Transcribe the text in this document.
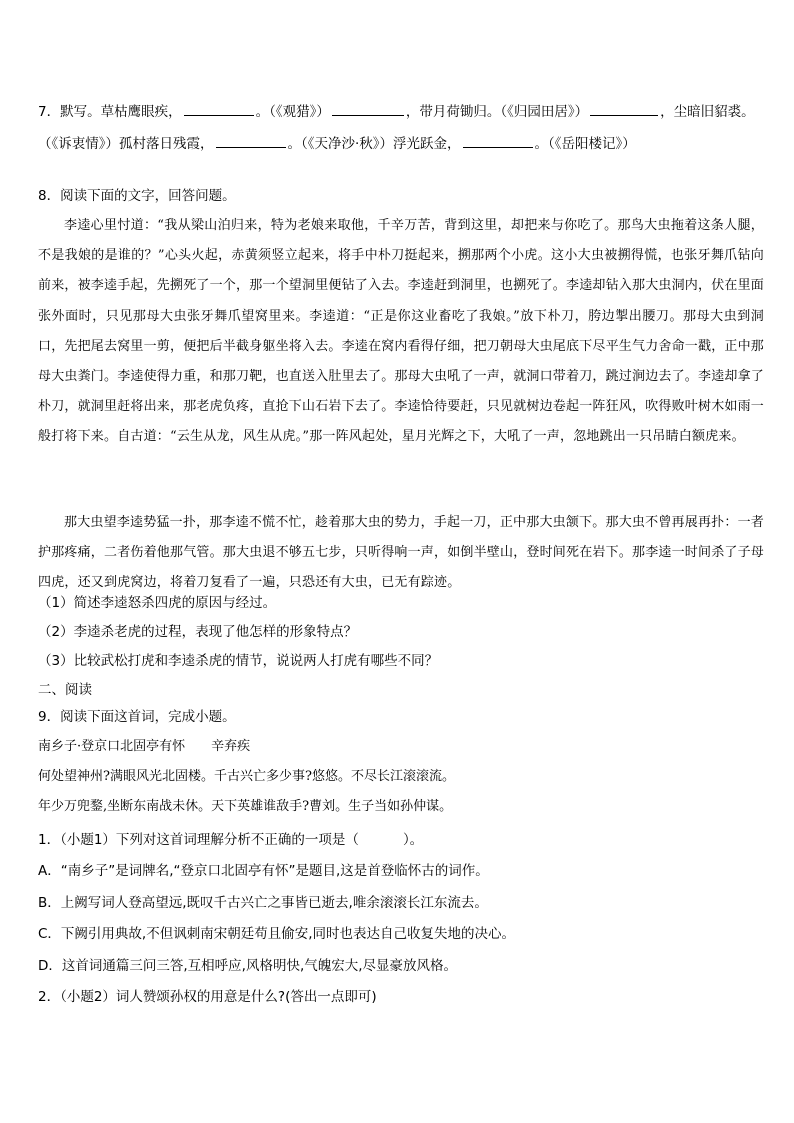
7．默写。草枯鹰眼疾，	。（《观猎》）	，带月荷锄归。（《归园田居》）	，尘暗旧貂裘。
（《诉衷情》）孤村落日残霞，	。（《天净沙·秋》）浮光跃金，	。（《岳阳楼记》）
8．阅读下面的文字，回答问题。
李逵心里忖道：“我从梁山泊归来，特为老娘来取他，千辛万苦，背到这里，却把来与你吃了。那鸟大虫拖着这条人腿，不是我娘的是谁的？”心头火起，赤黄须竖立起来，将手中朴刀挺起来，搠那两个小虎。这小大虫被搠得慌，也张牙舞爪钻向前来，被李逵手起，先搠死了一个，那一个望洞里便钻了入去。李逵赶到洞里，也搠死了。李逵却钻入那大虫洞内，伏在里面张外面时，只见那母大虫张牙舞爪望窝里来。李逵道：“正是你这业畜吃了我娘。”放下朴刀，胯边掣出腰刀。那母大虫到洞口，先把尾去窝里一剪，便把后半截身躯坐将入去。李逵在窝内看得仔细，把刀朝母大虫尾底下尽平生气力舍命一戳，正中那母大虫粪门。李逵使得力重，和那刀靶，也直送入肚里去了。那母大虫吼了一声，就洞口带着刀，跳过涧边去了。李逵却拿了朴刀，就洞里赶将出来，那老虎负疼，直抢下山石岩下去了。李逵恰待要赶，只见就树边卷起一阵狂风，吹得败叶树木如雨一般打将下来。自古道：“云生从龙，风生从虎。”那一阵风起处，星月光辉之下，大吼了一声，忽地跳出一只吊睛白额虎来。
那大虫望李逵势猛一扑，那李逵不慌不忙，趁着那大虫的势力，手起一刀，正中那大虫颔下。那大虫不曾再展再扑：一者护那疼痛，二者伤着他那气管。那大虫退不够五七步，只听得响一声，如倒半壁山，登时间死在岩下。那李逵一时间杀了子母四虎，还又到虎窝边，将着刀复看了一遍，只恐还有大虫，已无有踪迹。
（1）简述李逵怒杀四虎的原因与经过。
（2）李逵杀老虎的过程，表现了他怎样的形象特点？
（3）比较武松打虎和李逵杀虎的情节，说说两人打虎有哪些不同？
二、阅读
9．阅读下面这首词，完成小题。
南乡子·登京口北固亭有怀 辛弃疾
何处望神州?满眼风光北固楼。千古兴亡多少事?悠悠。不尽长江滚滚流。
年少万兜鍪,坐断东南战未休。天下英雄谁敌手?曹刘。生子当如孙仲谋。
1．（小题1）下列对这首词理解分析不正确的一项是（	）。
A．“南乡子”是词牌名,“登京口北固亭有怀”是题目,这是首登临怀古的词作。
B．上阙写词人登高望远,既叹千古兴亡之事皆已逝去,唯余滚滚长江东流去。
C．下阙引用典故,不但讽刺南宋朝廷苟且偷安,同时也表达自己收复失地的决心。
D．这首词通篇三问三答,互相呼应,风格明快,气魄宏大,尽显豪放风格。
2．（小题2）词人赞颂孙权的用意是什么?(答出一点即可)
